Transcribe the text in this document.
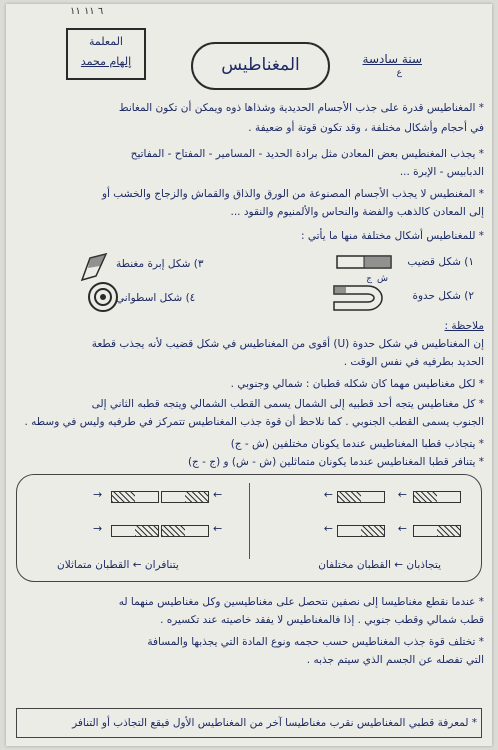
٦ ١١ ١١
المعلمة
إلهام محمد	المغناطيس	سنة سادسة
ع
* المغناطيس قدرة على جذب الأجسام الحديدية وشذاها ذوه ويمكن أن تكون المغانط
في أحجام وأشكال مختلفة ، وقد تكون قوتة أو ضعيفة .
* يجذب المغنطيس بعض المعادن مثل برادة الحديد - المسامير - المفتاح - المفاتيح
الدبابيس - الإبرة ...
* المغنطيس لا يجذب الأجسام المصنوعة من الورق والذاق والقماش والزجاج والخشب أو
إلى المعادن كالذهب والفضة والنحاس والألمنيوم والنقود ...
* للمغناطيس أشكال مختلفة منها ما يأتي :
١) شكل قضيب
ج ش
٣) شكل إبرة مغنطة
٢) شكل حدوة
٤) شكل اسطواني
ملاحظة :
إن المغناطيس في شكل حدوة (U) أقوى من المغناطيس في شكل قضيب لأنه يجذب قطعة
الحديد بطرفيه في نفس الوقت .
* لكل مغناطيس مهما كان شكله قطبان : شمالي وجنوبي .
* كل مغناطيس يتجه أحد قطبيه إلى الشمال يسمى القطب الشمالي ويتجه قطبه الثاني إلى
الجنوب يسمى القطب الجنوبي . كما نلاحظ أن قوة جذب المغناطيس تتمركز في طرفيه وليس في وسطه .
* يتجاذب قطبا المغناطيس عندما يكونان مختلفين (ش - ج)
* يتنافر قطبا المغناطيس عندما يكونان متماثلين (ش - ش) و (ج - ج)
←
←
←
←
→	←
→	←
يتجاذبان ← القطبان مختلفان
يتنافران ← القطبان متماثلان
* عندما نقطع مغناطيسا إلى نصفين نتحصل على مغناطيسين وكل مغناطيس منهما له
قطب شمالي وقطب جنوبي . إذا فالمغناطيس لا يفقد خاصيته عند تكسيره .
* تختلف قوة جذب المغناطيس حسب حجمه ونوع المادة التي يجذبها والمسافة
التي تفصله عن الجسم الذي سيتم جذبه .
* لمعرفة قطبي المغناطيس نقرب مغناطيسا آخر من المغناطيس الأول فيقع التجاذب أو التنافر
